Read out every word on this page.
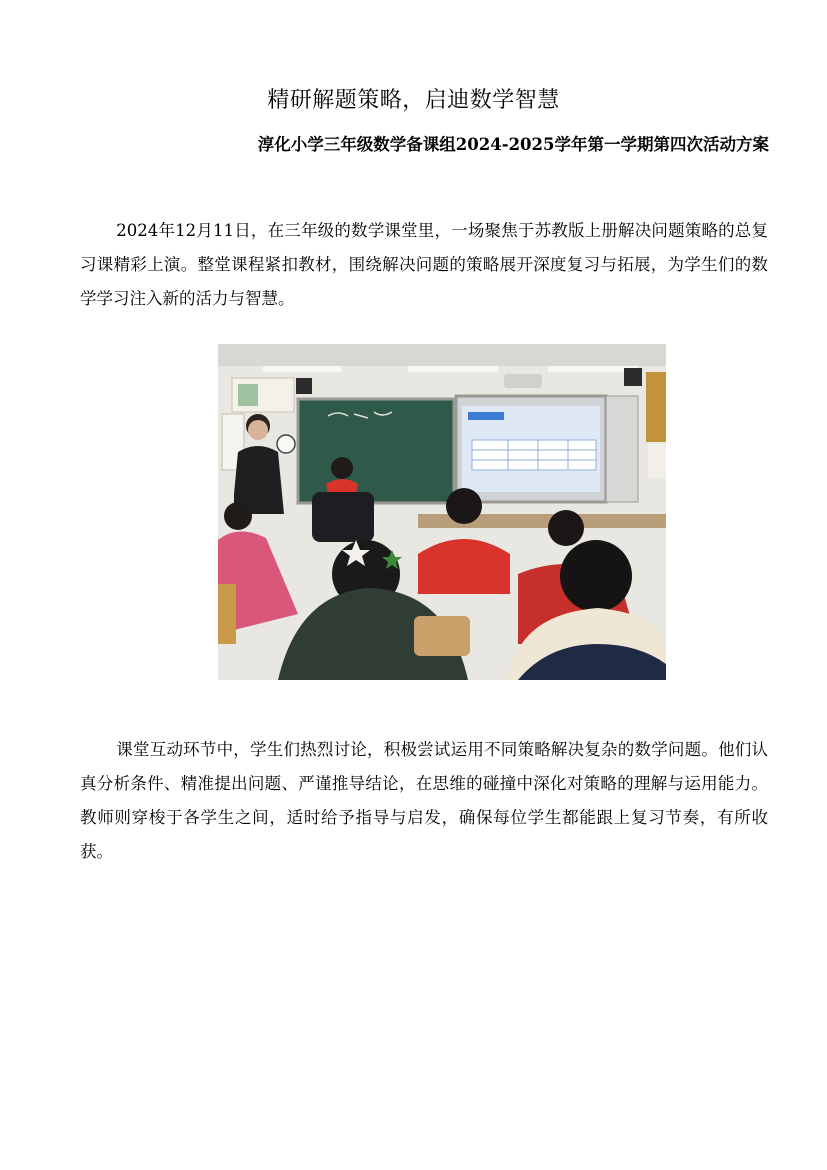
精研解题策略，启迪数学智慧
淳化小学三年级数学备课组2024-2025学年第一学期第四次活动方案

2024年12月11日，在三年级的数学课堂里，一场聚焦于苏教版上册解决问题策略的总复习课精彩上演。整堂课程紧扣教材，围绕解决问题的策略展开深度复习与拓展，为学生们的数学学习注入新的活力与智慧。

课堂互动环节中，学生们热烈讨论，积极尝试运用不同策略解决复杂的数学问题。他们认真分析条件、精准提出问题、严谨推导结论，在思维的碰撞中深化对策略的理解与运用能力。教师则穿梭于各学生之间，适时给予指导与启发，确保每位学生都能跟上复习节奏，有所收获。
